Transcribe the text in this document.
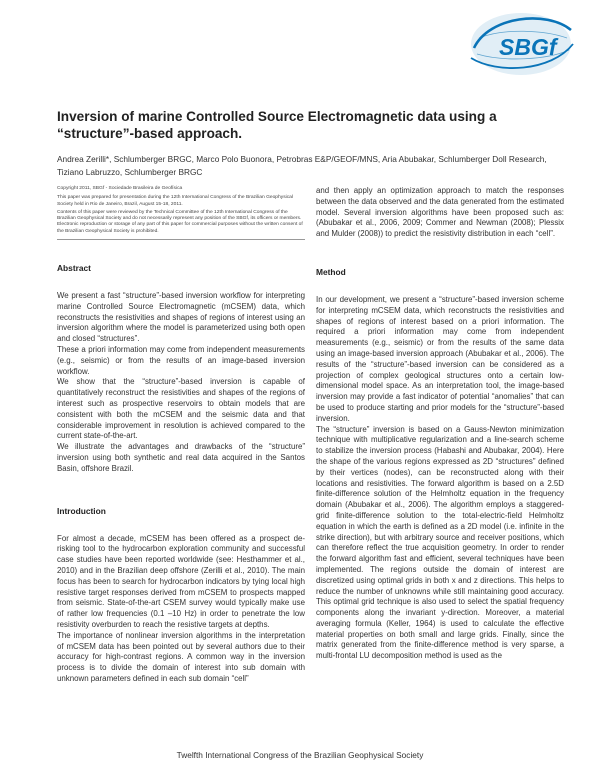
SBGf
Inversion of marine Controlled Source Electromagnetic data using a “structure”-based approach.

Andrea Zerilli*, Schlumberger BRGC, Marco Polo Buonora, Petrobras E&P/GEOF/MNS, Aria Abubakar, Schlumberger Doll Research, Tiziano Labruzzo, Schlumberger BRGC

Copyright 2011, SBGf - Sociedade Brasileira de Geofísica

This paper was prepared for presentation during the 12th International Congress of the Brazilian Geophysical Society held in Rio de Janeiro, Brazil, August 15-18, 2011.

Contents of this paper were reviewed by the Technical Committee of the 12th International Congress of the Brazilian Geophysical Society and do not necessarily represent any position of the SBGf, its officers or members. Electronic reproduction or storage of any part of this paper for commercial purposes without the written consent of the Brazilian Geophysical Society is prohibited.

Abstract

We present a fast “structure”-based inversion workflow for interpreting marine Controlled Source Electromagnetic (mCSEM) data, which reconstructs the resistivities and shapes of regions of interest using an inversion algorithm where the model is parameterized using both open and closed “structures”.

These a priori information may come from independent measurements (e.g., seismic) or from the results of an image-based inversion workflow.

We show that the “structure”-based inversion is capable of quantitatively reconstruct the resistivities and shapes of the regions of interest such as prospective reservoirs to obtain models that are consistent with both the mCSEM and the seismic data and that considerable improvement in resolution is achieved compared to the current state-of-the-art.

We illustrate the advantages and drawbacks of the “structure” inversion using both synthetic and real data acquired in the Santos Basin, offshore Brazil.

Introduction

For almost a decade, mCSEM has been offered as a prospect de-risking tool to the hydrocarbon exploration community and successful case studies have been reported worldwide (see: Hesthammer et al., 2010) and in the Brazilian deep offshore (Zerilli et al., 2010). The main focus has been to search for hydrocarbon indicators by tying local high resistive target responses derived from mCSEM to prospects mapped from seismic. State-of-the-art CSEM survey would typically make use of rather low frequencies (0.1 –10 Hz) in order to penetrate the low resistivity overburden to reach the resistive targets at depths.

The importance of nonlinear inversion algorithms in the interpretation of mCSEM data has been pointed out by several authors due to their accuracy for high-contrast regions. A common way in the inversion process is to divide the domain of interest into sub domain with unknown parameters defined in each sub domain “cell”

and then apply an optimization approach to match the responses between the data observed and the data generated from the estimated model. Several inversion algorithms have been proposed such as: (Abubakar et al., 2006, 2009; Commer and Newman (2008); Plessix and Mulder (2008)) to predict the resistivity distribution in each “cell”.

Method

In our development, we present a “structure”-based inversion scheme for interpreting mCSEM data, which reconstructs the resistivities and shapes of regions of interest based on a priori information. The required a priori information may come from independent measurements (e.g., seismic) or from the results of the same data using an image-based inversion approach (Abubakar et al., 2006). The results of the “structure”-based inversion can be considered as a projection of complex geological structures onto a certain low-dimensional model space. As an interpretation tool, the image-based inversion may provide a fast indicator of potential “anomalies” that can be used to produce starting and prior models for the “structure”-based inversion.

The “structure” inversion is based on a Gauss-Newton minimization technique with multiplicative regularization and a line-search scheme to stabilize the inversion process (Habashi and Abubakar, 2004). Here the shape of the various regions expressed as 2D “structures” defined by their vertices (nodes), can be reconstructed along with their locations and resistivities. The forward algorithm is based on a 2.5D finite-difference solution of the Helmholtz equation in the frequency domain (Abubakar et al., 2006). The algorithm employs a staggered-grid finite-difference solution to the total-electric-field Helmholtz equation in which the earth is defined as a 2D model (i.e. infinite in the strike direction), but with arbitrary source and receiver positions, which can therefore reflect the true acquisition geometry. In order to render the forward algorithm fast and efficient, several techniques have been implemented. The regions outside the domain of interest are discretized using optimal grids in both x and z directions. This helps to reduce the number of unknowns while still maintaining good accuracy. This optimal grid technique is also used to select the spatial frequency components along the invariant y-direction. Moreover, a material averaging formula (Keller, 1964) is used to calculate the effective material properties on both small and large grids. Finally, since the matrix generated from the finite-difference method is very sparse, a multi-frontal LU decomposition method is used as the

Twelfth International Congress of the Brazilian Geophysical Society
